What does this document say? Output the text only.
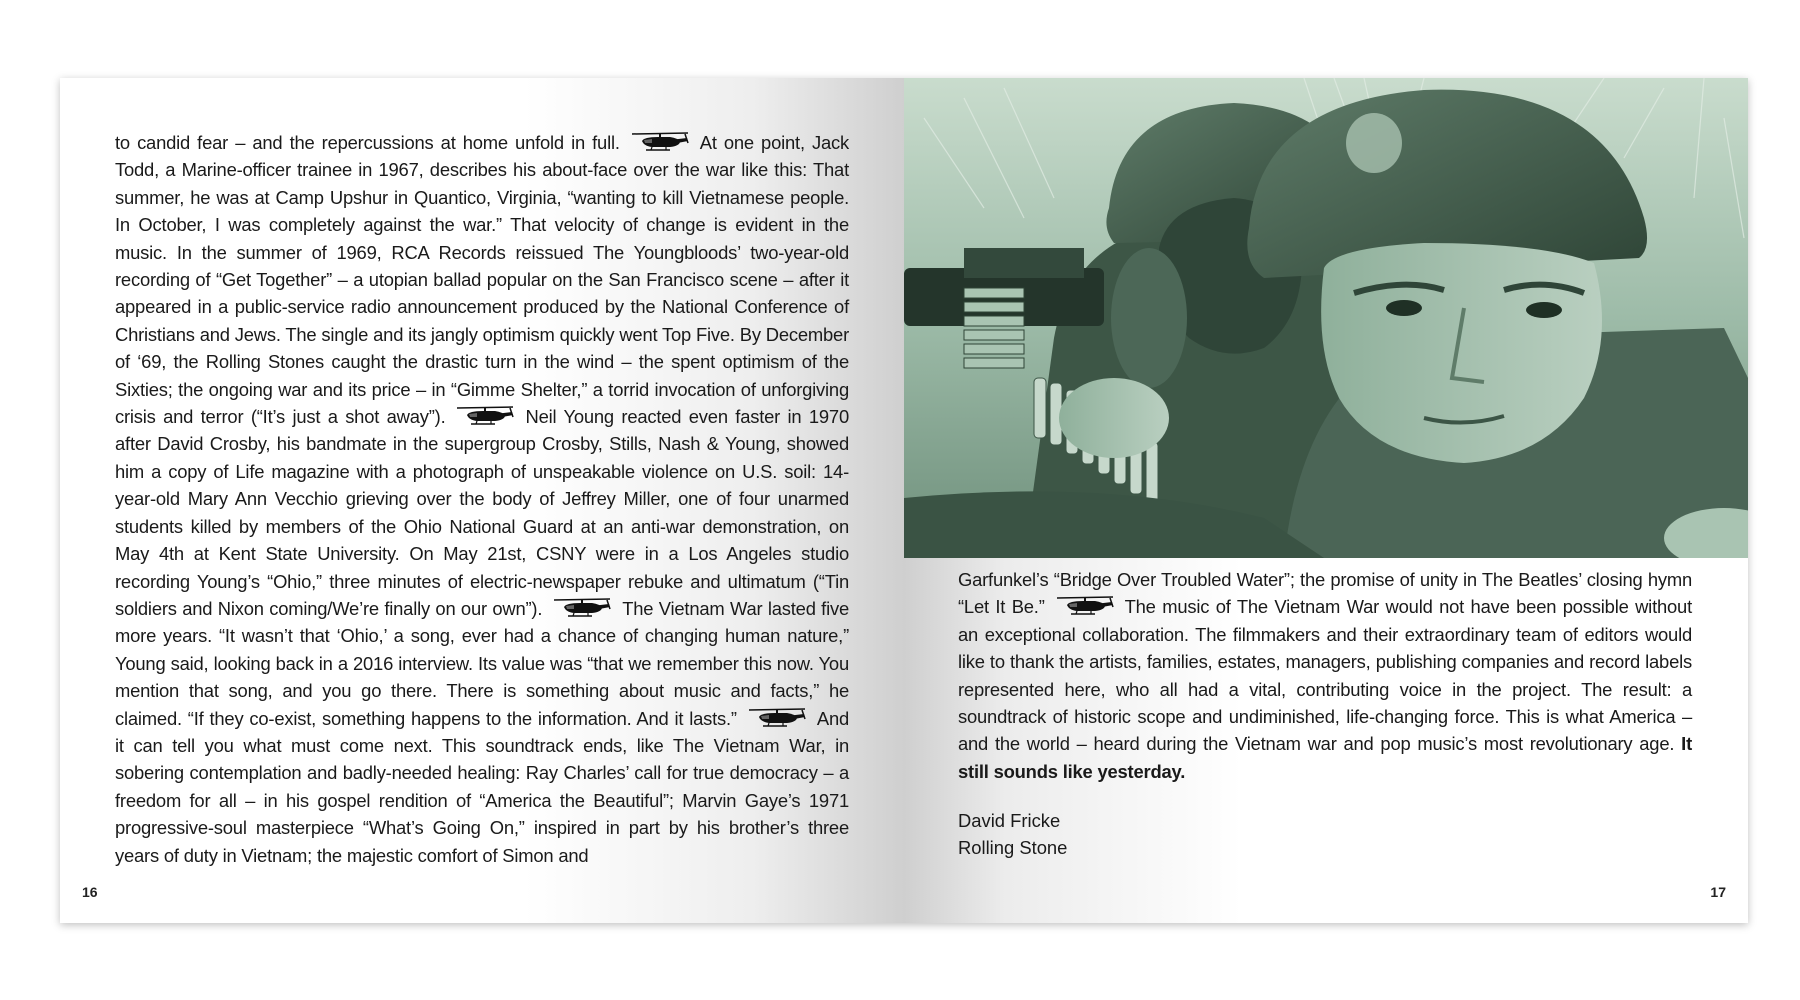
to candid fear – and the repercussions at home unfold in full.	At one point, Jack Todd, a Marine-officer trainee in 1967, describes his about-face over the war like this: That summer, he was at Camp Upshur in Quantico, Virginia, “wanting to kill Vietnamese people. In October, I was completely against the war.” That velocity of change is evident in the music. In the summer of 1969, RCA Records reissued The Youngbloods’ two-year-old recording of “Get Together” – a utopian ballad popular on the San Francisco scene – after it appeared in a public-service radio announcement produced by the National Conference of Christians and Jews. The single and its jangly optimism quickly went Top Five. By December of ‘69, the Rolling Stones caught the drastic turn in the wind – the spent optimism of the Sixties; the ongoing war and its price – in “Gimme Shelter,” a torrid invocation of unforgiving crisis and terror (“It’s just a shot away”).	Neil Young reacted even faster in 1970 after David Crosby, his bandmate in the supergroup Crosby, Stills, Nash & Young, showed him a copy of Life magazine with a photograph of unspeakable violence on U.S. soil: 14-year-old Mary Ann Vecchio grieving over the body of Jeffrey Miller, one of four unarmed students killed by members of the Ohio National Guard at an anti-war demonstration, on May 4th at Kent State University. On May 21st, CSNY were in a Los Angeles studio recording Young’s “Ohio,” three minutes of electric-newspaper rebuke and ultimatum (“Tin soldiers and Nixon coming/We’re finally on our own”).	The Vietnam War lasted five more years. “It wasn’t that ‘Ohio,’ a song, ever had a chance of changing human nature,” Young said, looking back in a 2016 interview. Its value was “that we remember this now. You mention that song, and you go there. There is something about music and facts,” he claimed. “If they co-exist, something happens to the information. And it lasts.”	And it can tell you what must come next. This soundtrack ends, like The Vietnam War, in sobering contemplation and badly-needed healing: Ray Charles’ call for true democracy – a freedom for all – in his gospel rendition of “America the Beautiful”; Marvin Gaye’s 1971 progressive-soul masterpiece “What’s Going On,” inspired in part by his brother’s three years of duty in Vietnam; the majestic comfort of Simon and
16
Garfunkel’s “Bridge Over Troubled Water”; the promise of unity in The Beatles’ closing hymn “Let It Be.”	The music of The Vietnam War would not have been possible without an exceptional collaboration. The filmmakers and their extraordinary team of editors would like to thank the artists, families, estates, managers, publishing companies and record labels represented here, who all had a vital, contributing voice in the project. The result: a soundtrack of historic scope and undiminished, life-changing force. This is what America – and the world – heard during the Vietnam war and pop music’s most revolutionary age. It still sounds like yesterday.
David Fricke
Rolling Stone
17
